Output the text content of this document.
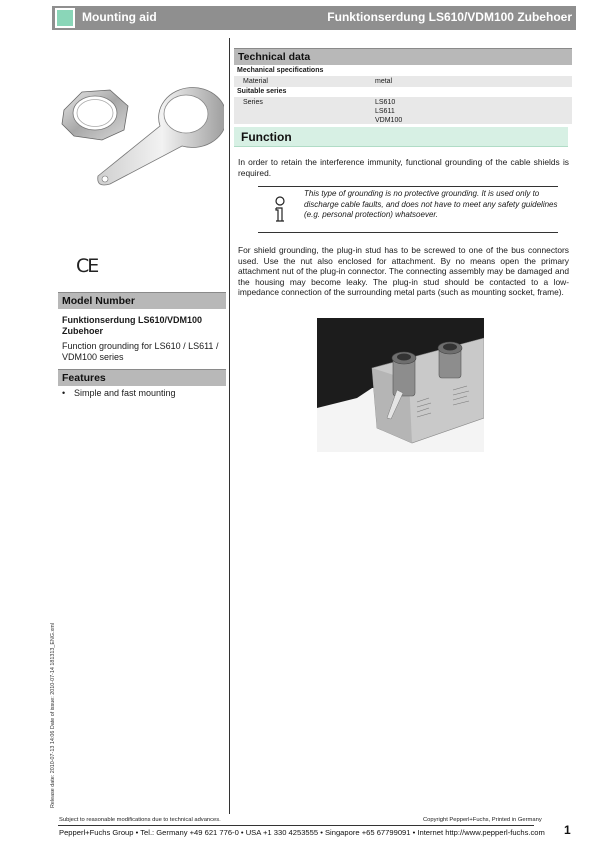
Mounting aid	Funktionserdung LS610/VDM100 Zubehoer
CE
Model Number
Funktionserdung LS610/VDM100 Zubehoer
Function grounding for LS610 / LS611 / VDM100 series
Features
• Simple and fast mounting
Technical data
Mechanical specifications
Material	metal
Suitable series
Series	LS610
LS611
VDM100
Function
In order to retain the interference immunity, functional grounding of the cable shields is required.
This type of grounding is no protective grounding. It is used only to discharge cable faults, and does not have to meet any safety guidelines (e.g. personal protection) whatsoever.
For shield grounding, the plug-in stud has to be screwed to one of the bus connectors used. Use the nut also enclosed for attachment. By no means open the primary attachment nut of the plug-in connector. The connecting assembly may be damaged and the housing may become leaky. The plug-in stud should be contacted to a low-impedance connection of the surrounding metal parts (such as mounting socket, frame).
Release date: 2010-07-13 14:06 Date of issue: 2010-07-14 181313_ENG.xml
Subject to reasonable modifications due to technical advances.	Copyright Pepperl+Fuchs, Printed in Germany
Pepperl+Fuchs Group • Tel.: Germany +49 621 776-0 • USA +1 330 4253555 • Singapore +65 67799091 • Internet http://www.pepperl-fuchs.com 1
